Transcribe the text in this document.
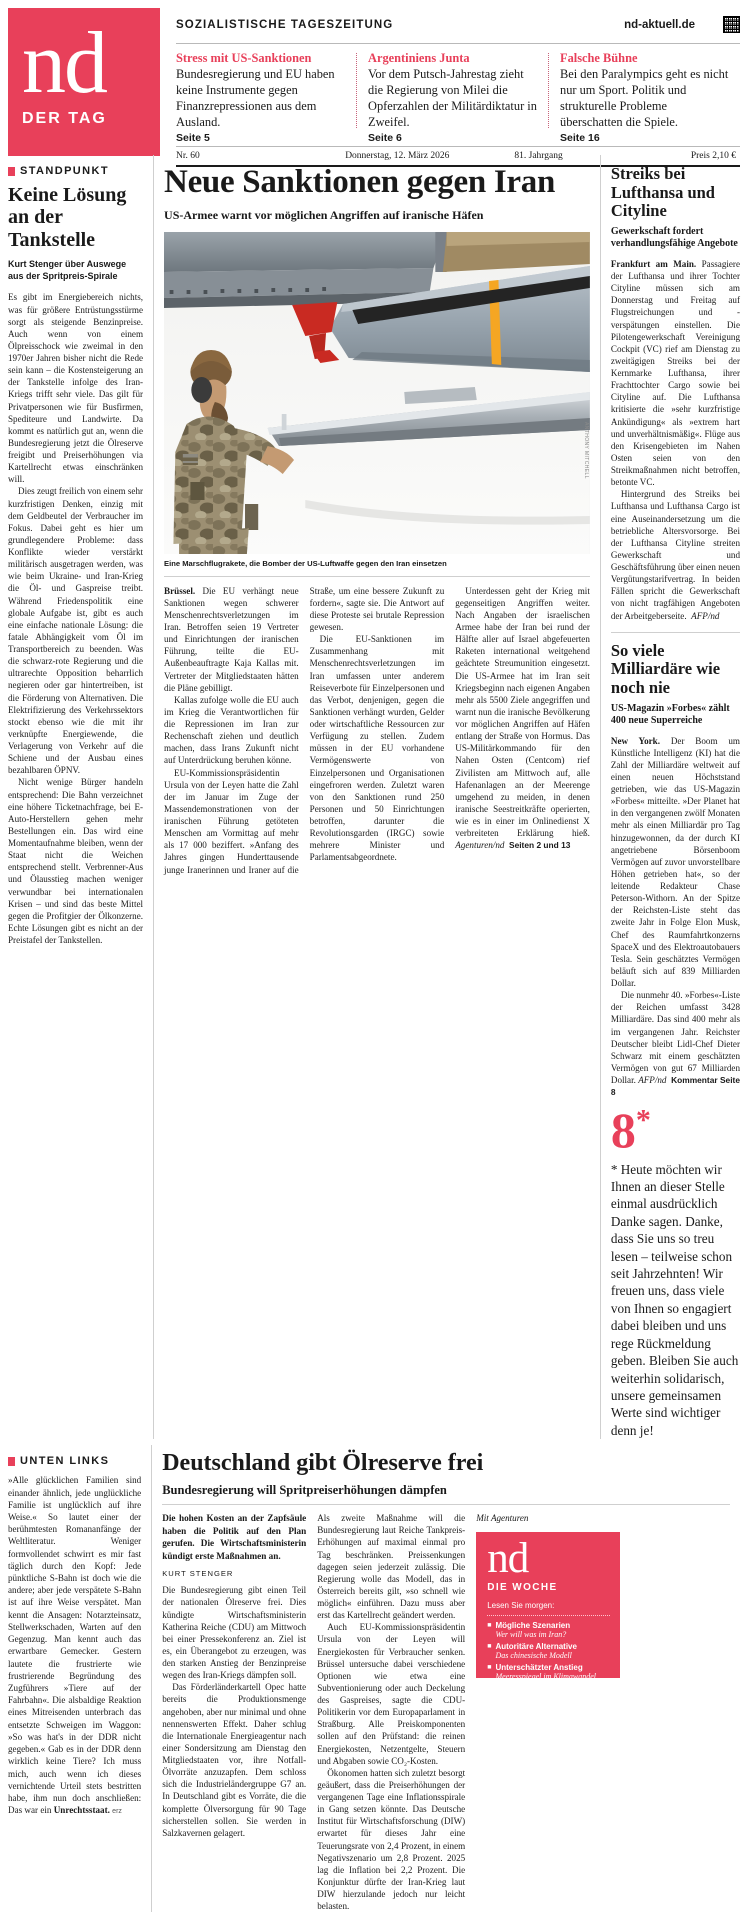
nd
DER TAG
SOZIALISTISCHE TAGESZEITUNG	nd-aktuell.de
Stress mit US-Sanktionen
Bundesregierung und EU haben keine Instrumente gegen Finanzrepressionen aus dem Ausland.
Seite 5
Argentiniens Junta
Vor dem Putsch-Jahrestag zieht die Regierung von Milei die Opferzahlen der Militärdiktatur in Zweifel.
Seite 6
Falsche Bühne
Bei den Paralympics geht es nicht nur um Sport. Politik und strukturelle Probleme überschatten die Spiele.
Seite 16
Nr. 60	Donnerstag, 12. März 2026	81. Jahrgang	Preis 2,10 €
STANDPUNKT
Keine Lösung an der Tankstelle
Kurt Stenger über Auswege aus der Spritpreis-Spirale

Es gibt im Energiebereich nichts, was für größere Entrüstungsstürme sorgt als steigende Benzinpreise. Auch wenn von einem Ölpreisschock wie zweimal in den 1970er Jahren bisher nicht die Rede sein kann – die Kostensteigerung an der Tankstelle infolge des Iran-Kriegs trifft sehr viele. Das gilt für Privatpersonen wie für Busfirmen, Spediteure und Landwirte. Da kommt es natürlich gut an, wenn die Bundesregierung jetzt die Ölreserve freigibt und Preiserhöhungen via Kartellrecht etwas einschränken will.

Dies zeugt freilich von einem sehr kurzfristigen Denken, einzig mit dem Geldbeutel der Verbraucher im Fokus. Dabei geht es hier um grundlegendere Probleme: dass Konflikte wieder verstärkt militärisch ausgetragen werden, was wie beim Ukraine- und Iran-Krieg die Öl- und Gaspreise treibt. Während Friedenspolitik eine globale Aufgabe ist, gibt es auch eine einfache nationale Lösung: die fatale Abhängigkeit vom Öl im Transportbereich zu beenden. Was die schwarz-rote Regierung und die ultrarechte Opposition beharrlich negieren oder gar hintertreiben, ist die Förderung von Alternativen. Die Elektrifizierung des Verkehrssektors stockt ebenso wie die mit ihr verknüpfte Energiewende, die Verlagerung von Verkehr auf die Schiene und der Ausbau eines bezahlbaren ÖPNV.

Nicht wenige Bürger handeln entsprechend: Die Bahn verzeichnet eine höhere Ticketnachfrage, bei E-Auto-Herstellern gehen mehr Bestellungen ein. Das wird eine Momentaufnahme bleiben, wenn der Staat nicht die Weichen entsprechend stellt. Verbrenner-Aus und Ölausstieg machen weniger verwundbar bei internationalen Krisen – und sind das beste Mittel gegen die Profitgier der Ölkonzerne. Echte Lösungen gibt es nicht an der Preistafel der Tankstellen.

Neue Sanktionen gegen Iran
US-Armee warnt vor möglichen Angriffen auf iranische Häfen
ANTHONY MITCHELL
Eine Marschflugrakete, die Bomber der US-Luftwaffe gegen den Iran einsetzen

Brüssel. Die EU verhängt neue Sanktionen wegen schwerer Menschenrechtsverletzungen im Iran. Betroffen seien 19 Vertreter und Einrichtungen der iranischen Führung, teilte die EU-Außenbeauftragte Kaja Kallas mit. Vertreter der Mitgliedstaaten hätten die Pläne gebilligt.

Kallas zufolge wolle die EU auch im Krieg die Verantwortlichen für die Repressionen im Iran zur Rechenschaft ziehen und deutlich machen, dass Irans Zukunft nicht auf Unterdrückung beruhen könne.

EU-Kommissionspräsidentin Ursula von der Leyen hatte die Zahl der im Januar im Zuge der Massendemonstrationen von der iranischen Führung getöteten Menschen am Vormittag auf mehr als 17 000 beziffert. »Anfang des Jahres gingen Hunderttausende junge Iranerinnen und Iraner auf die Straße, um eine bessere Zukunft zu fordern«, sagte sie. Die Antwort auf diese Proteste sei brutale Repression gewesen.

Die EU-Sanktionen im Zusammenhang mit Menschenrechtsverletzungen im Iran umfassen unter anderem Reiseverbote für Einzelpersonen und das Verbot, denjenigen, gegen die Sanktionen verhängt wurden, Gelder oder wirtschaftliche Ressourcen zur Verfügung zu stellen. Zudem müssen in der EU vorhandene Vermögenswerte von Einzelpersonen und Organisationen eingefroren werden. Zuletzt waren von den Sanktionen rund 250 Personen und 50 Einrichtungen betroffen, darunter die Revolutionsgarden (IRGC) sowie mehrere Minister und Parlamentsabgeordnete.

Unterdessen geht der Krieg mit gegenseitigen Angriffen weiter. Nach Angaben der israelischen Armee habe der Iran bei rund der Hälfte aller auf Israel abgefeuerten Raketen international weitgehend geächtete Streumunition eingesetzt. Die US-Armee hat im Iran seit Kriegsbeginn nach eigenen Angaben mehr als 5500 Ziele angegriffen und warnt nun die iranische Bevölkerung vor möglichen Angriffen auf Häfen entlang der Straße von Hormus. Das US-Militärkommando für den Nahen Osten (Centcom) rief Zivilisten am Mittwoch auf, alle Hafenanlagen an der Meerenge umgehend zu meiden, in denen iranische Seestreitkräfte operierten, wie es in einer im Onlinedienst X verbreiteten Erklärung hieß. Agenturen/nd Seiten 2 und 13

Streiks bei Lufthansa und Cityline
Gewerkschaft fordert verhandlungsfähige Angebote

Frankfurt am Main. Passagiere der Lufthansa und ihrer Tochter Cityline müssen sich am Donnerstag und Freitag auf Flugstreichungen und -verspätungen einstellen. Die Pilotengewerkschaft Vereinigung Cockpit (VC) rief am Dienstag zu zweitägigen Streiks bei der Kernmarke Lufthansa, ihrer Frachttochter Cargo sowie bei Cityline auf. Die Lufthansa kritisierte die »sehr kurzfristige Ankündigung« als »extrem hart und unverhältnismäßig«. Flüge aus den Krisengebieten im Nahen Osten seien von den Streikmaßnahmen nicht betroffen, betonte VC.

Hintergrund des Streiks bei Lufthansa und Lufthansa Cargo ist eine Auseinandersetzung um die betriebliche Altersvorsorge. Bei der Lufthansa Cityline streiten Gewerkschaft und Geschäftsführung über einen neuen Vergütungstarifvertrag. In beiden Fällen spricht die Gewerkschaft von nicht tragfähigen Angeboten der Arbeitgeberseite. AFP/nd

So viele Milliardäre wie noch nie
US-Magazin »Forbes« zählt 400 neue Superreiche

New York. Der Boom um Künstliche Intelligenz (KI) hat die Zahl der Milliardäre weltweit auf einen neuen Höchststand getrieben, wie das US-Magazin »Forbes« mitteilte. »Der Planet hat in den vergangenen zwölf Monaten mehr als einen Milliardär pro Tag hinzugewonnen, da der durch KI angetriebene Börsenboom Vermögen auf zuvor unvorstellbare Höhen getrieben hat«, so der leitende Redakteur Chase Peterson-Withorn. An der Spitze der Reichsten-Liste steht das zweite Jahr in Folge Elon Musk, Chef des Raumfahrtkonzerns SpaceX und des Elektroautobauers Tesla. Sein geschätztes Vermögen beläuft sich auf 839 Milliarden Dollar.

Die nunmehr 40. »Forbes«-Liste der Reichen umfasst 3428 Milliardäre. Das sind 400 mehr als im vergangenen Jahr. Reichster Deutscher bleibt Lidl-Chef Dieter Schwarz mit einem geschätzten Vermögen von gut 67 Milliarden Dollar. AFP/nd Kommentar Seite 8

8*
* Heute möchten wir Ihnen an dieser Stelle einmal ausdrücklich Danke sagen. Danke, dass Sie uns so treu lesen – teilweise schon seit Jahrzehnten! Wir freuen uns, dass viele von Ihnen so engagiert dabei bleiben und uns rege Rückmeldung geben. Bleiben Sie auch weiterhin solidarisch, unsere gemeinsamen Werte sind wichtiger denn je!
UNTEN LINKS
»Alle glücklichen Familien sind einander ähnlich, jede unglückliche Familie ist unglücklich auf ihre Weise.« So lautet einer der berühmtesten Romananfänge der Weltliteratur. Weniger formvollendet schwirrt es mir fast täglich durch den Kopf: Jede pünktliche S-Bahn ist doch wie die andere; aber jede verspätete S-Bahn ist auf ihre Weise verspätet. Man kennt die Ansagen: Notarzteinsatz, Stellwerkschaden, Warten auf den Gegenzug. Man kennt auch das erwartbare Gemecker. Gestern lautete die frustrierte wie frustrierende Begründung des Zugführers »Tiere auf der Fahrbahn«. Die alsbaldige Reaktion eines Mitreisenden unterbrach das entsetzte Schweigen im Waggon: »So was hat's in der DDR nicht gegeben.« Gab es in der DDR denn wirklich keine Tiere? Ich muss mich, auch wenn ich dieses vernichtende Urteil stets bestritten habe, ihm nun doch anschließen: Das war ein Unrechtsstaat. erz
Deutschland gibt Ölreserve frei
Bundesregierung will Spritpreiserhöhungen dämpfen
Die hohen Kosten an der Zapfsäule haben die Politik auf den Plan gerufen. Die Wirtschaftsministerin kündigt erste Maßnahmen an.
KURT STENGER

Die Bundesregierung gibt einen Teil der nationalen Ölreserve frei. Dies kündigte Wirtschaftsministerin Katherina Reiche (CDU) am Mittwoch bei einer Pressekonferenz an. Ziel ist es, ein Überangebot zu erzeugen, was den starken Anstieg der Benzinpreise wegen des Iran-Kriegs dämpfen soll.

Das Förderländerkartell Opec hatte bereits die Produktionsmenge angehoben, aber nur minimal und ohne nennenswerten Effekt. Daher schlug die Internationale Energieagentur nach einer Sondersitzung am Dienstag den Mitgliedstaaten vor, ihre Notfall-Ölvorräte anzuzapfen. Dem schloss sich die Industrieländergruppe G7 an. In Deutschland gibt es Vorräte, die die komplette Ölversorgung für 90 Tage sicherstellen sollen. Sie werden in Salzkavernen gelagert.

Als zweite Maßnahme will die Bundesregierung laut Reiche Tankpreis-Erhöhungen auf maximal einmal pro Tag beschränken. Preissenkungen dagegen seien jederzeit zulässig. Die Regierung wolle das Modell, das in Österreich bereits gilt, »so schnell wie möglich« einführen. Dazu muss aber erst das Kartellrecht geändert werden.

Auch EU-Kommissionspräsidentin Ursula von der Leyen will Energiekosten für Verbraucher senken. Brüssel untersuche dabei verschiedene Optionen wie etwa eine Subventionierung oder auch Deckelung des Gaspreises, sagte die CDU-Politikerin vor dem Europaparlament in Straßburg. Alle Preiskomponenten sollen auf den Prüfstand: die reinen Energiekosten, Netzentgelte, Steuern und Abgaben sowie CO₂-Kosten.

Ökonomen hatten sich zuletzt besorgt geäußert, dass die Preiserhöhungen der vergangenen Tage eine Inflationsspirale in Gang setzen könnte. Das Deutsche Institut für Wirtschaftsforschung (DIW) erwartet für dieses Jahr eine Teuerungsrate von 2,4 Prozent, in einem Negativszenario um 2,8 Prozent. 2025 lag die Inflation bei 2,2 Prozent. Die Konjunktur dürfte der Iran-Krieg laut DIW hierzulande jedoch nur leicht belasten.

Mit Agenturen

nd
DIE WOCHE
Lesen Sie morgen:
■ Mögliche Szenarien
Wer will was im Iran?
■ Autoritäre Alternative
Das chinesische Modell
■ Unterschätzter Anstieg
Meeresspiegel im Klimawandel
